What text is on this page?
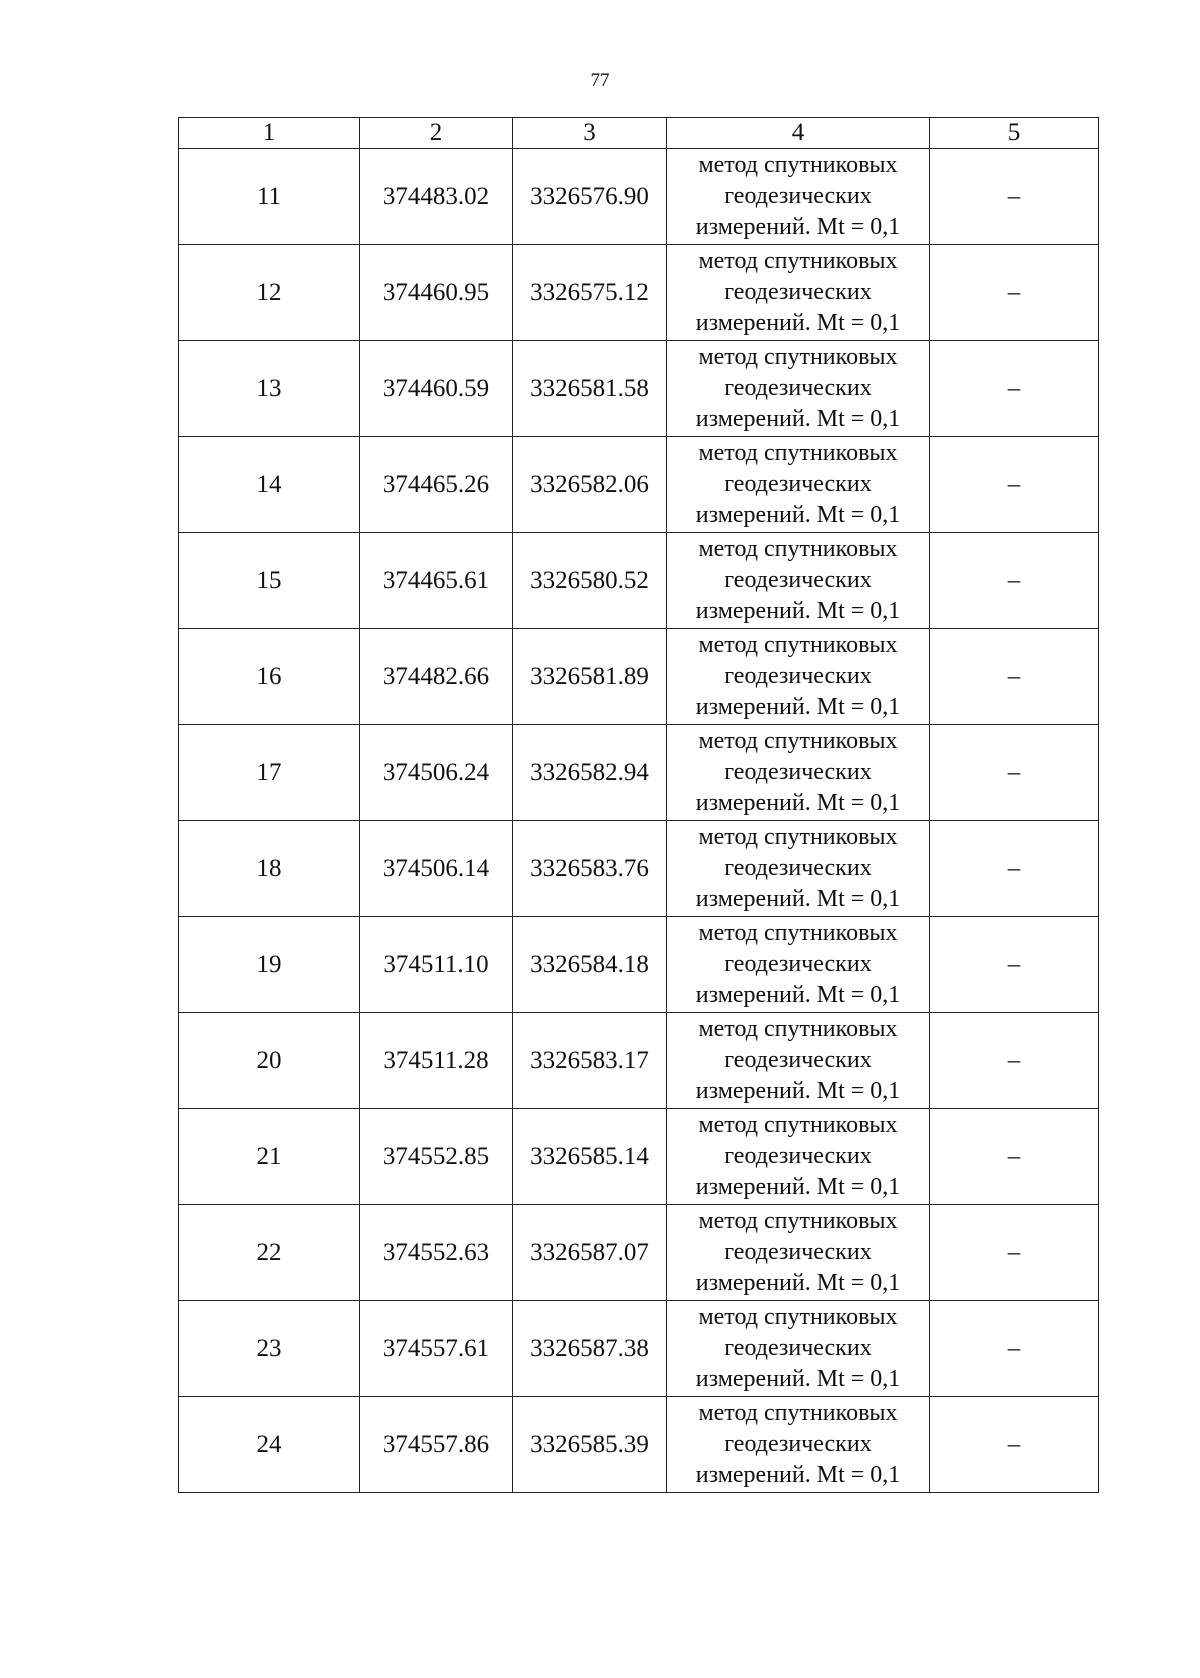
77
1	2	3	4	5
11	374483.02	3326576.90	метод спутниковых
геодезических
измерений. Mt = 0,1	–
12	374460.95	3326575.12	метод спутниковых
геодезических
измерений. Mt = 0,1	–
13	374460.59	3326581.58	метод спутниковых
геодезических
измерений. Mt = 0,1	–
14	374465.26	3326582.06	метод спутниковых
геодезических
измерений. Mt = 0,1	–
15	374465.61	3326580.52	метод спутниковых
геодезических
измерений. Mt = 0,1	–
16	374482.66	3326581.89	метод спутниковых
геодезических
измерений. Mt = 0,1	–
17	374506.24	3326582.94	метод спутниковых
геодезических
измерений. Mt = 0,1	–
18	374506.14	3326583.76	метод спутниковых
геодезических
измерений. Mt = 0,1	–
19	374511.10	3326584.18	метод спутниковых
геодезических
измерений. Mt = 0,1	–
20	374511.28	3326583.17	метод спутниковых
геодезических
измерений. Mt = 0,1	–
21	374552.85	3326585.14	метод спутниковых
геодезических
измерений. Mt = 0,1	–
22	374552.63	3326587.07	метод спутниковых
геодезических
измерений. Mt = 0,1	–
23	374557.61	3326587.38	метод спутниковых
геодезических
измерений. Mt = 0,1	–
24	374557.86	3326585.39	метод спутниковых
геодезических
измерений. Mt = 0,1	–
